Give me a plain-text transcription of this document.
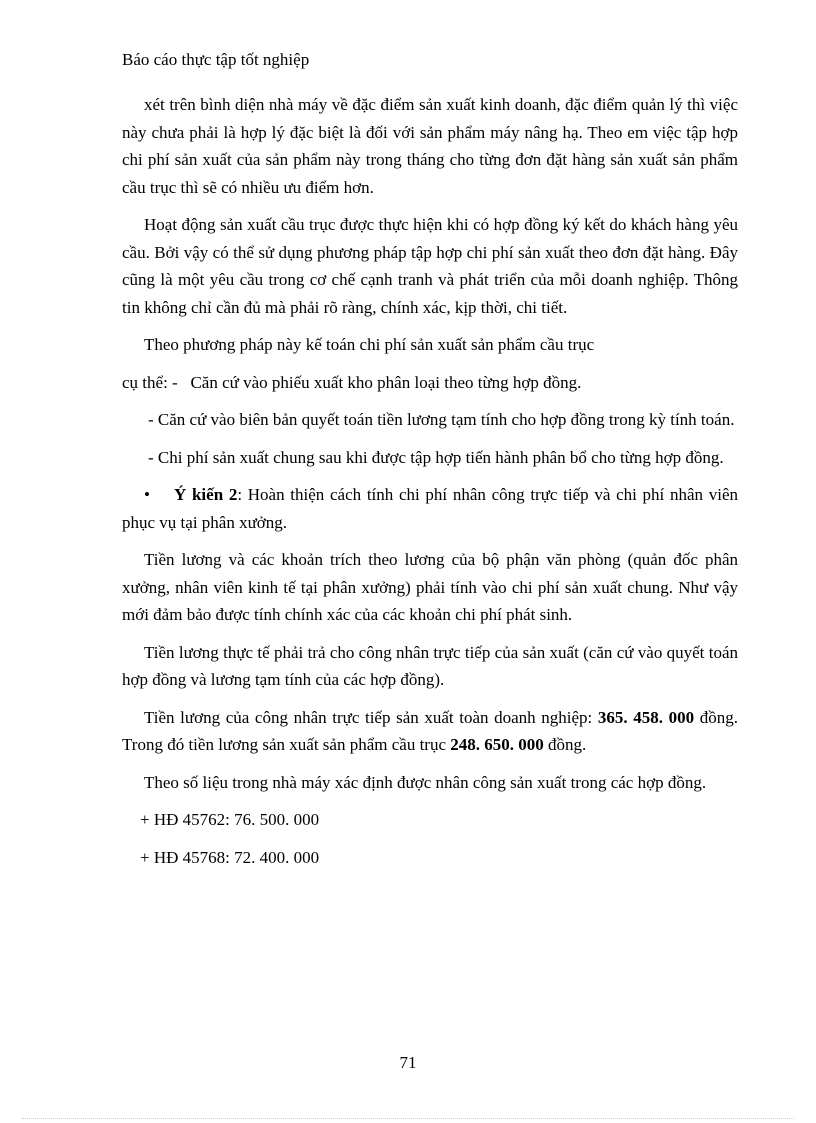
Báo cáo thực tập tốt nghiệp

xét trên bình diện nhà máy về đặc điểm sản xuất kinh doanh, đặc điểm quản lý thì việc này chưa phải là hợp lý đặc biệt là đối với sản phẩm máy nâng hạ. Theo em việc tập hợp chi phí sản xuất của sản phẩm này trong tháng cho từng đơn đặt hàng sản xuất sản phẩm cầu trục thì sẽ có nhiều ưu điểm hơn.

Hoạt động sản xuất cầu trục được thực hiện khi có hợp đồng ký kết do khách hàng yêu cầu. Bởi vậy có thể sử dụng phương pháp tập hợp chi phí sản xuất theo đơn đặt hàng. Đây cũng là một yêu cầu trong cơ chế cạnh tranh và phát triển của mỗi doanh nghiệp. Thông tin không chỉ cần đủ mà phải rõ ràng, chính xác, kịp thời, chi tiết.

Theo phương pháp này kế toán chi phí sản xuất sản phẩm cầu trục

cụ thể: - Căn cứ vào phiếu xuất kho phân loại theo từng hợp đồng.

- Căn cứ vào biên bản quyết toán tiền lương tạm tính cho hợp đồng trong kỳ tính toán.

- Chi phí sản xuất chung sau khi được tập hợp tiến hành phân bổ cho từng hợp đồng.

• Ý kiến 2: Hoàn thiện cách tính chi phí nhân công trực tiếp và chi phí nhân viên phục vụ tại phân xưởng.

Tiền lương và các khoản trích theo lương của bộ phận văn phòng (quản đốc phân xưởng, nhân viên kinh tế tại phân xưởng) phải tính vào chi phí sản xuất chung. Như vậy mới đảm bảo được tính chính xác của các khoản chi phí phát sinh.

Tiền lương thực tế phải trả cho công nhân trực tiếp của sản xuất (căn cứ vào quyết toán hợp đồng và lương tạm tính của các hợp đồng).

Tiền lương của công nhân trực tiếp sản xuất toàn doanh nghiệp: 365. 458. 000 đồng. Trong đó tiền lương sản xuất sản phẩm cầu trục 248. 650. 000 đồng.

Theo số liệu trong nhà máy xác định được nhân công sản xuất trong các hợp đồng.

+ HĐ 45762: 76. 500. 000

+ HĐ 45768: 72. 400. 000

71
